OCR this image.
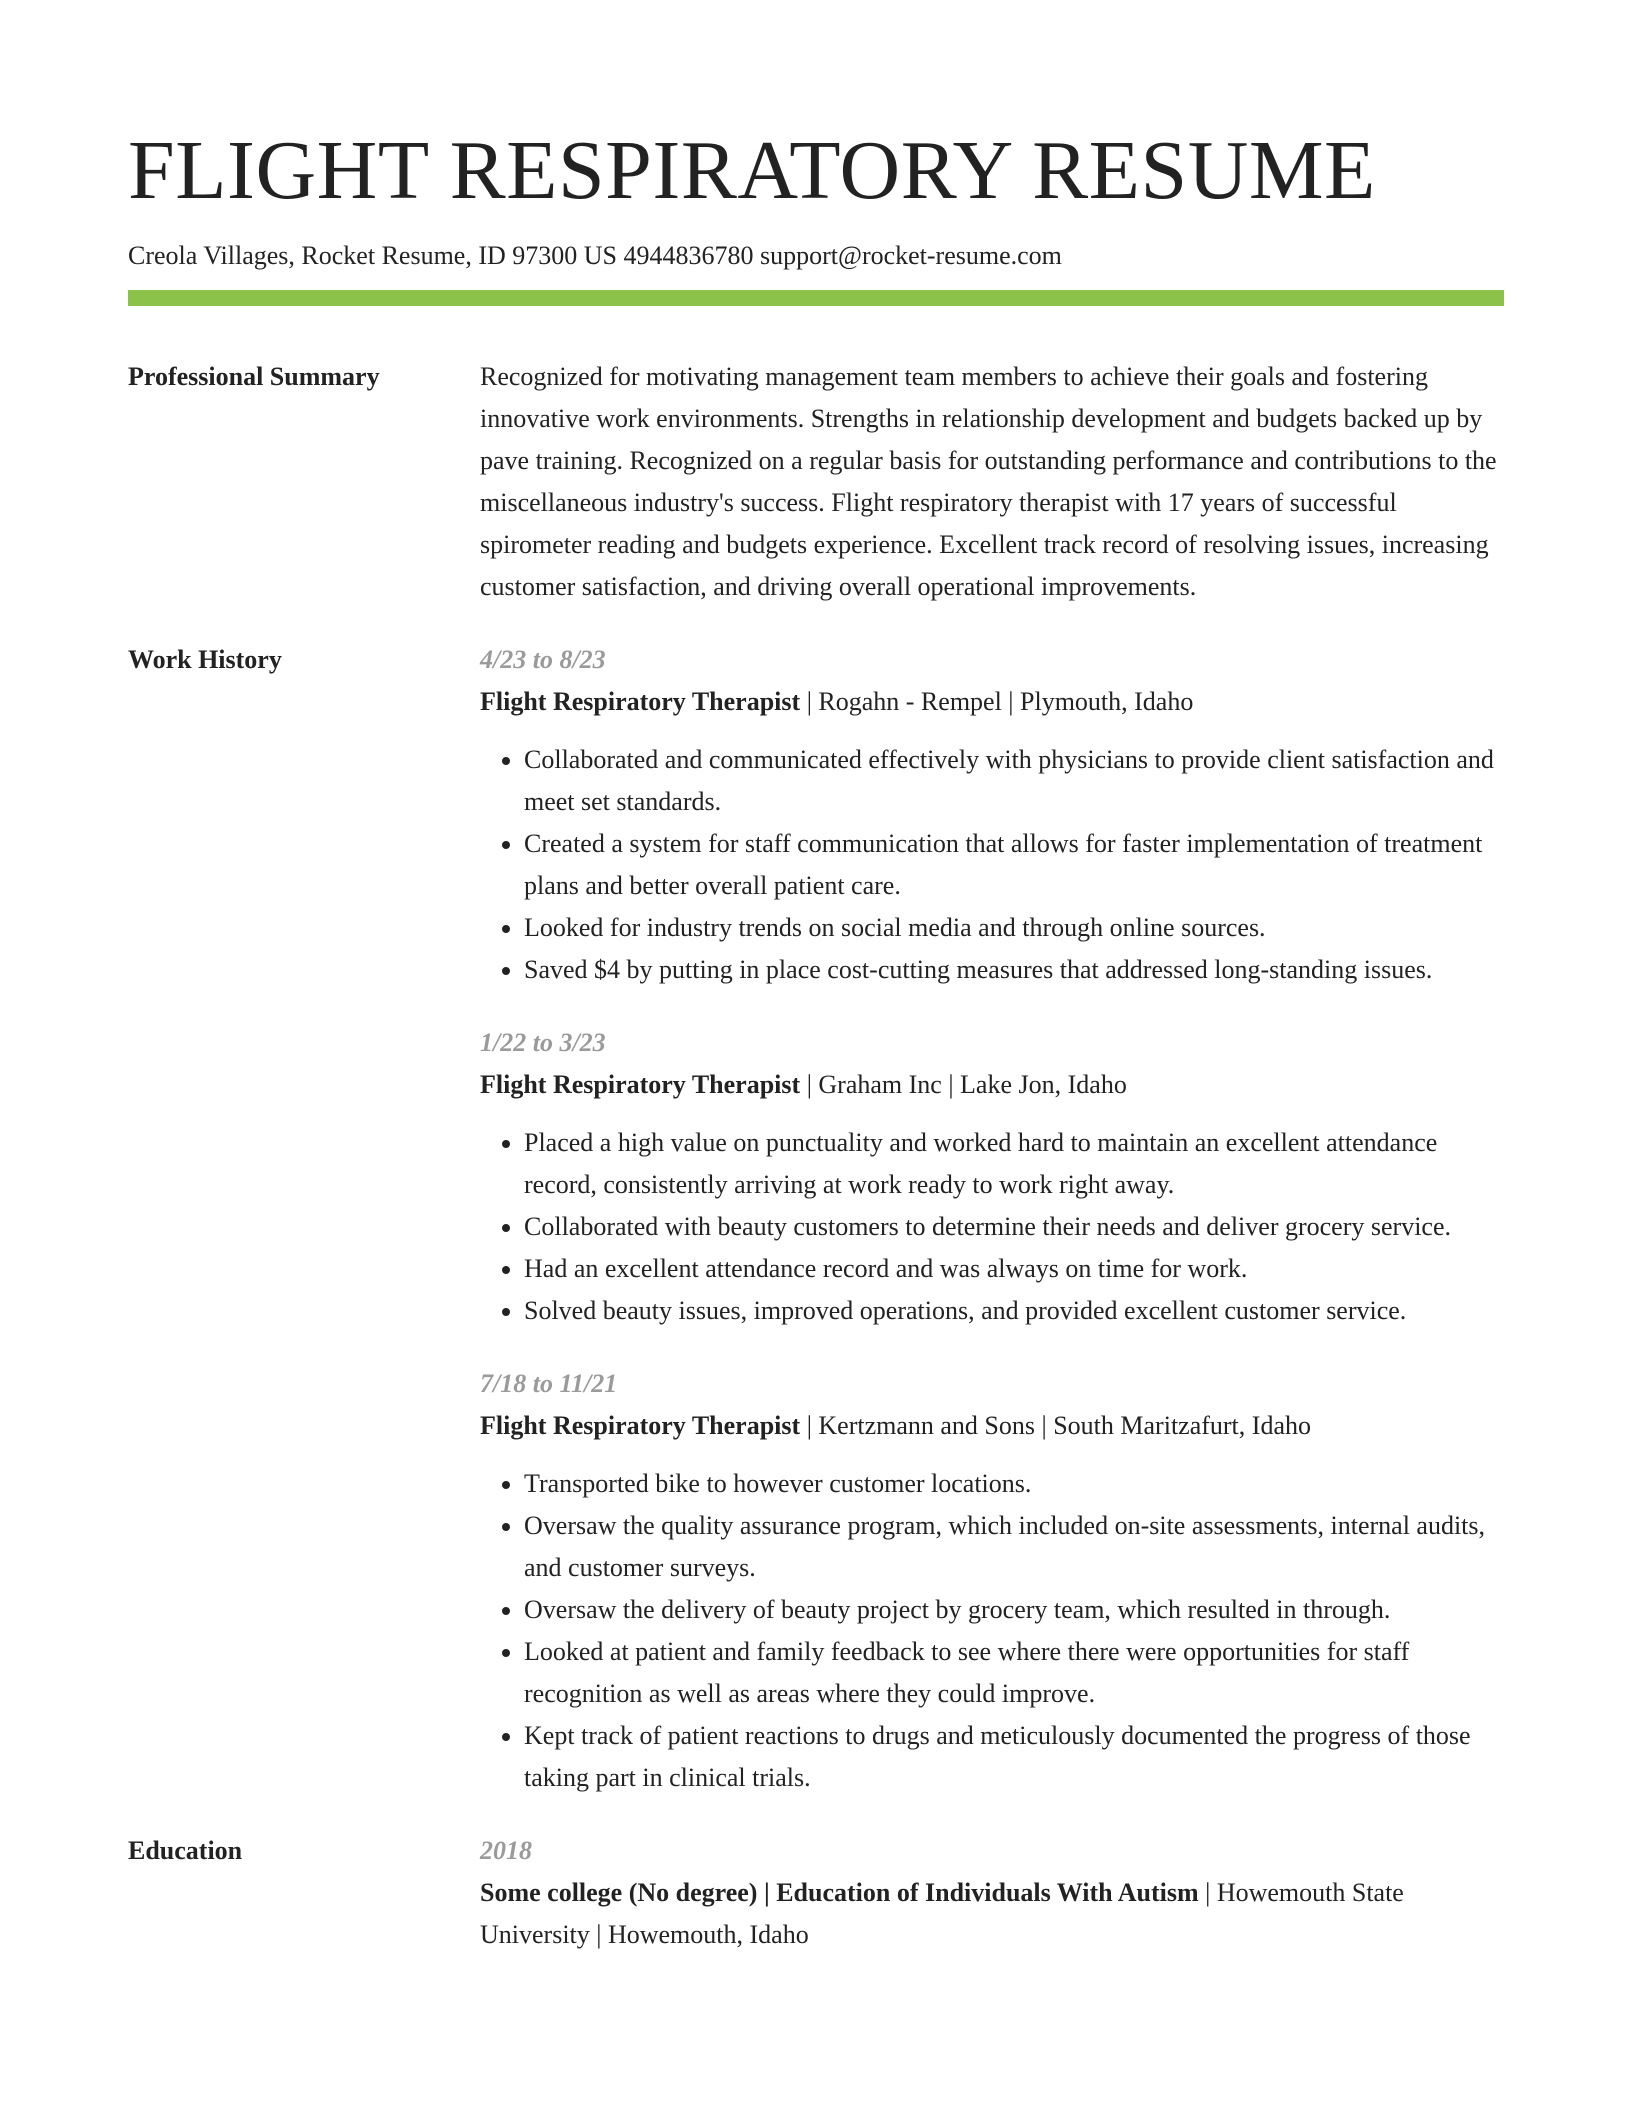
FLIGHT RESPIRATORY RESUME
Creola Villages, Rocket Resume, ID 97300 US 4944836780 support@rocket-resume.com
Professional Summary	Recognized for motivating management team members to achieve their goals and fostering innovative work environments. Strengths in relationship development and budgets backed up by pave training. Recognized on a regular basis for outstanding performance and contributions to the miscellaneous industry's success. Flight respiratory therapist with 17 years of successful spirometer reading and budgets experience. Excellent track record of resolving issues, increasing customer satisfaction, and driving overall operational improvements.

Work History	4/23 to 8/23
Flight Respiratory Therapist | Rogahn - Rempel | Plymouth, Idaho
• Collaborated and communicated effectively with physicians to provide client satisfaction and meet set standards.
• Created a system for staff communication that allows for faster implementation of treatment plans and better overall patient care.
• Looked for industry trends on social media and through online sources.
• Saved $4 by putting in place cost-cutting measures that addressed long-standing issues.
1/22 to 3/23
Flight Respiratory Therapist | Graham Inc | Lake Jon, Idaho
• Placed a high value on punctuality and worked hard to maintain an excellent attendance record, consistently arriving at work ready to work right away.
• Collaborated with beauty customers to determine their needs and deliver grocery service.
• Had an excellent attendance record and was always on time for work.
• Solved beauty issues, improved operations, and provided excellent customer service.
7/18 to 11/21
Flight Respiratory Therapist | Kertzmann and Sons | South Maritzafurt, Idaho
• Transported bike to however customer locations.
• Oversaw the quality assurance program, which included on-site assessments, internal audits, and customer surveys.
• Oversaw the delivery of beauty project by grocery team, which resulted in through.
• Looked at patient and family feedback to see where there were opportunities for staff recognition as well as areas where they could improve.
• Kept track of patient reactions to drugs and meticulously documented the progress of those taking part in clinical trials.
Education	2018
Some college (No degree) | Education of Individuals With Autism | Howemouth State University | Howemouth, Idaho
